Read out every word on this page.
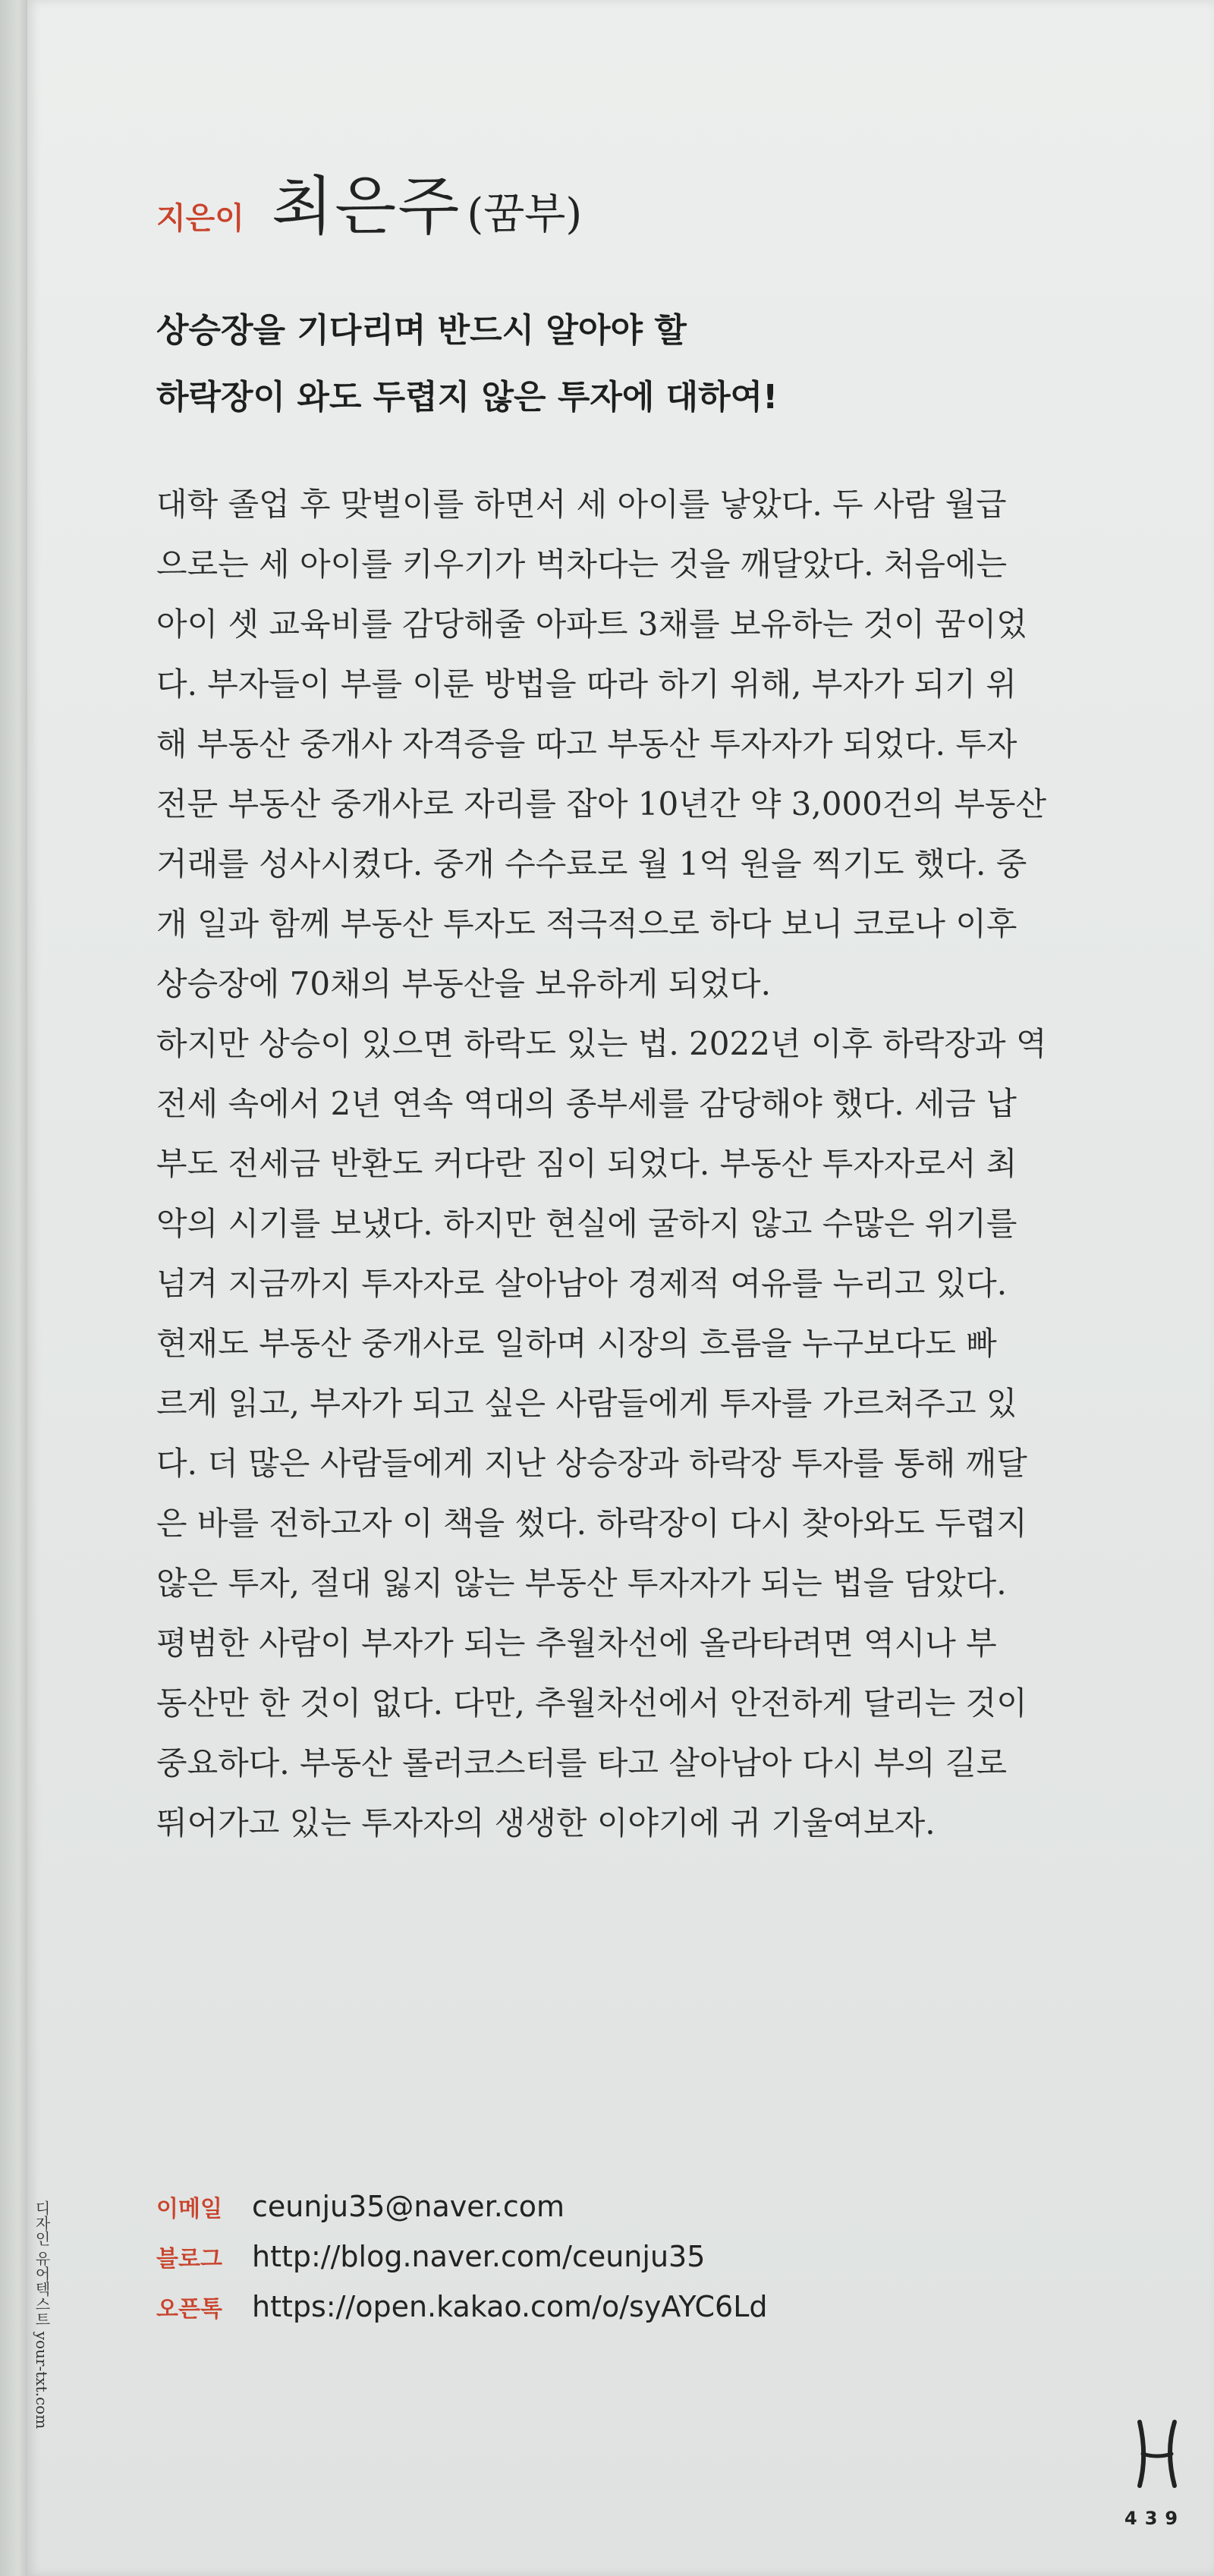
지은이 최은주 (꿈부)
상승장을 기다리며 반드시 알아야 할
하락장이 와도 두렵지 않은 투자에 대하여!
대학 졸업 후 맞벌이를 하면서 세 아이를 낳았다. 두 사람 월급
으로는 세 아이를 키우기가 벅차다는 것을 깨달았다. 처음에는
아이 셋 교육비를 감당해줄 아파트 3채를 보유하는 것이 꿈이었
다. 부자들이 부를 이룬 방법을 따라 하기 위해, 부자가 되기 위
해 부동산 중개사 자격증을 따고 부동산 투자자가 되었다. 투자
전문 부동산 중개사로 자리를 잡아 10년간 약 3,000건의 부동산
거래를 성사시켰다. 중개 수수료로 월 1억 원을 찍기도 했다. 중
개 일과 함께 부동산 투자도 적극적으로 하다 보니 코로나 이후
상승장에 70채의 부동산을 보유하게 되었다.
하지만 상승이 있으면 하락도 있는 법. 2022년 이후 하락장과 역
전세 속에서 2년 연속 역대의 종부세를 감당해야 했다. 세금 납
부도 전세금 반환도 커다란 짐이 되었다. 부동산 투자자로서 최
악의 시기를 보냈다. 하지만 현실에 굴하지 않고 수많은 위기를
넘겨 지금까지 투자자로 살아남아 경제적 여유를 누리고 있다.
현재도 부동산 중개사로 일하며 시장의 흐름을 누구보다도 빠
르게 읽고, 부자가 되고 싶은 사람들에게 투자를 가르쳐주고 있
다. 더 많은 사람들에게 지난 상승장과 하락장 투자를 통해 깨달
은 바를 전하고자 이 책을 썼다. 하락장이 다시 찾아와도 두렵지
않은 투자, 절대 잃지 않는 부동산 투자자가 되는 법을 담았다.
평범한 사람이 부자가 되는 추월차선에 올라타려면 역시나 부
동산만 한 것이 없다. 다만, 추월차선에서 안전하게 달리는 것이
중요하다. 부동산 롤러코스터를 타고 살아남아 다시 부의 길로
뛰어가고 있는 투자자의 생생한 이야기에 귀 기울여보자.
이메일	ceunju35@naver.com
블로그	http://blog.naver.com/ceunju35
오픈톡	https://open.kakao.com/o/syAYC6Ld
439
디자인 유어텍스트 your-txt.com
